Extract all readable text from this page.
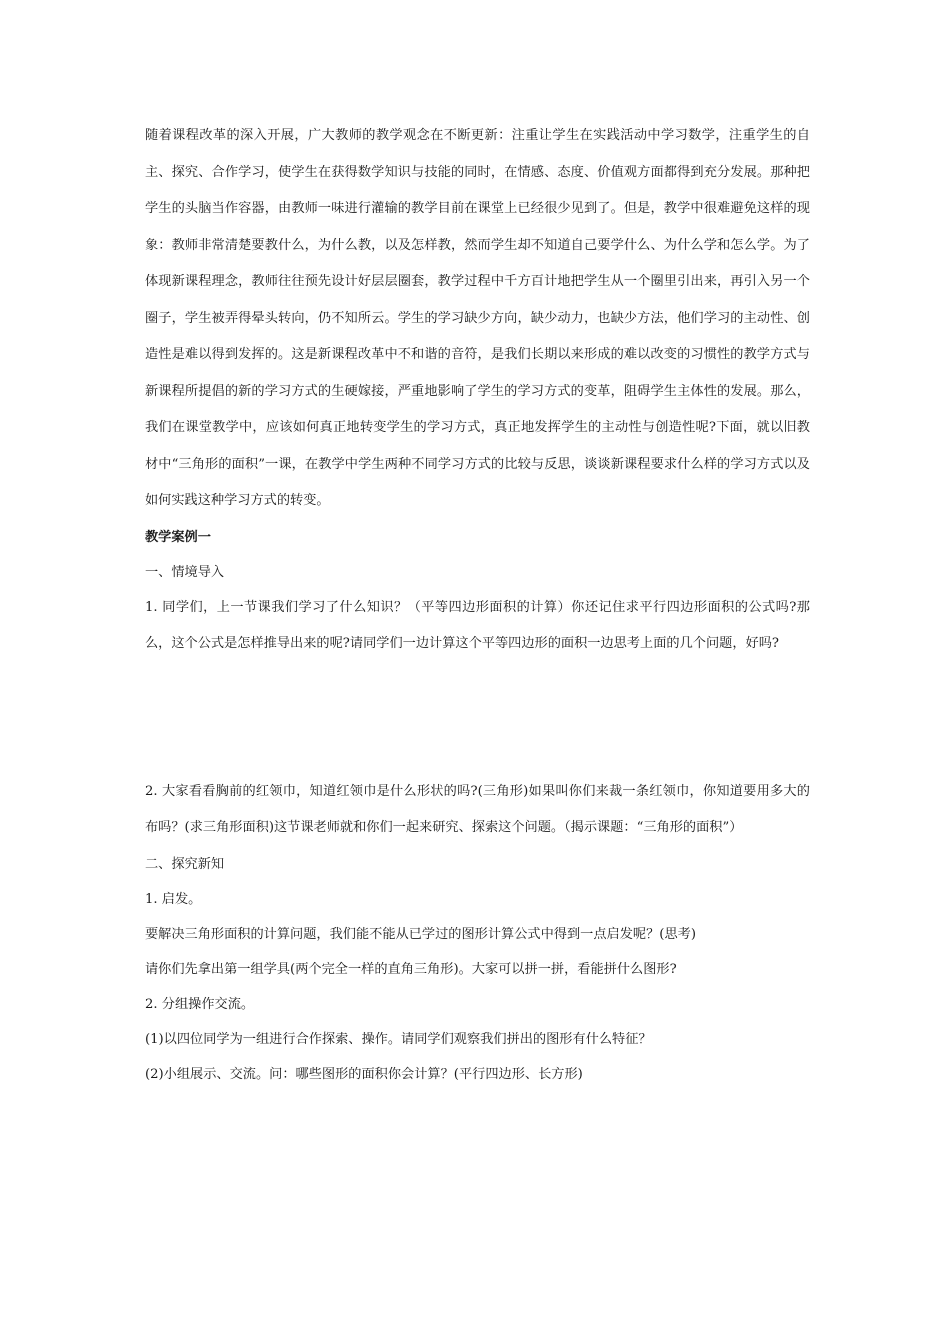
随着课程改革的深入开展，广大教师的教学观念在不断更新：注重让学生在实践活动中学习数学，注重学生的自主、探究、合作学习，使学生在获得数学知识与技能的同时，在情感、态度、价值观方面都得到充分发展。那种把学生的头脑当作容器，由教师一味进行灌输的教学目前在课堂上已经很少见到了。但是，教学中很难避免这样的现象：教师非常清楚要教什么，为什么教，以及怎样教，然而学生却不知道自己要学什么、为什么学和怎么学。为了体现新课程理念，教师往往预先设计好层层圈套，教学过程中千方百计地把学生从一个圈里引出来，再引入另一个圈子，学生被弄得晕头转向，仍不知所云。学生的学习缺少方向，缺少动力，也缺少方法，他们学习的主动性、创造性是难以得到发挥的。这是新课程改革中不和谐的音符，是我们长期以来形成的难以改变的习惯性的教学方式与新课程所提倡的新的学习方式的生硬嫁接，严重地影响了学生的学习方式的变革，阻碍学生主体性的发展。那么，我们在课堂教学中，应该如何真正地转变学生的学习方式，真正地发挥学生的主动性与创造性呢?下面，就以旧教材中“三角形的面积”一课，在教学中学生两种不同学习方式的比较与反思，谈谈新课程要求什么样的学习方式以及如何实践这种学习方式的转变。

教学案例一

一、情境导入

1. 同学们，上一节课我们学习了什么知识？（平等四边形面积的计算）你还记住求平行四边形面积的公式吗?那么，这个公式是怎样推导出来的呢?请同学们一边计算这个平等四边形的面积一边思考上面的几个问题，好吗?

2. 大家看看胸前的红领巾，知道红领巾是什么形状的吗?(三角形)如果叫你们来裁一条红领巾，你知道要用多大的布吗？(求三角形面积)这节课老师就和你们一起来研究、探索这个问题。（揭示课题：“三角形的面积”）

二、探究新知

1. 启发。

要解决三角形面积的计算问题，我们能不能从已学过的图形计算公式中得到一点启发呢？(思考)

请你们先拿出第一组学具(两个完全一样的直角三角形)。大家可以拼一拼，看能拼什么图形?

2. 分组操作交流。

(1)以四位同学为一组进行合作探索、操作。请同学们观察我们拼出的图形有什么特征？

(2)小组展示、交流。问：哪些图形的面积你会计算？(平行四边形、长方形)
